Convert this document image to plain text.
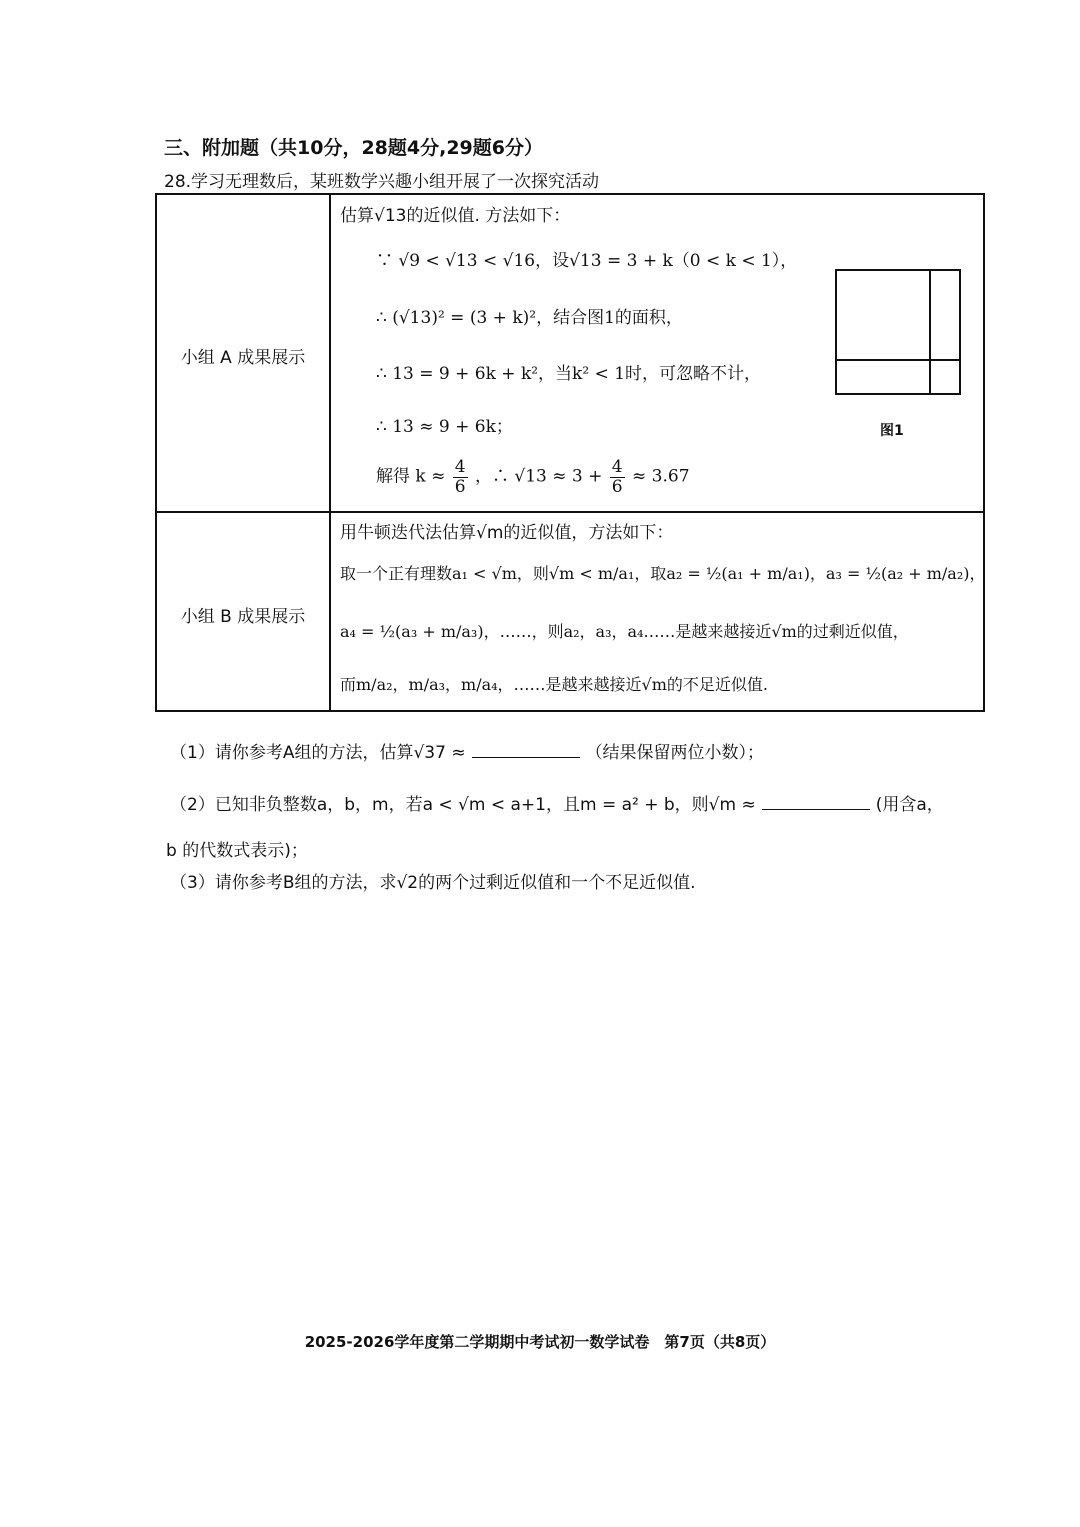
三、附加题（共10分，28题4分,29题6分）
28.学习无理数后，某班数学兴趣小组开展了一次探究活动
小组 A 成果展示
小组 B 成果展示
估算√13的近似值. 方法如下：
∵ √9 < √13 < √16，设√13 = 3 + k（0 < k < 1），
∴ (√13)² = (3 + k)²，结合图1的面积，
∴ 13 = 9 + 6k + k²，当k² < 1时，可忽略不计，
∴ 13 ≈ 9 + 6k；
解得 $k \approx \frac{4}{6}$ ，∴ $√13 \approx 3 + \frac{4}{6} \approx 3.67$
图1
用牛顿迭代法估算√m的近似值，方法如下：
取一个正有理数a₁ < √m，则√m < m/a₁，取a₂ = ½(a₁ + m/a₁)，a₃ = ½(a₂ + m/a₂)，
a₄ = ½(a₃ + m/a₃)，……，则a₂，a₃，a₄……是越来越接近√m的过剩近似值，
而m/a₂，m/a₃，m/a₄，……是越来越接近√m的不足近似值.
（1）请你参考A组的方法，估算√37 ≈	（结果保留两位小数）；
（2）已知非负整数a，b，m，若a < √m < a+1，且m = a² + b，则√m ≈	(用含a，
b 的代数式表示)；
（3）请你参考B组的方法，求√2的两个过剩近似值和一个不足近似值.
2025-2026学年度第二学期期中考试初一数学试卷　第7页（共8页）
